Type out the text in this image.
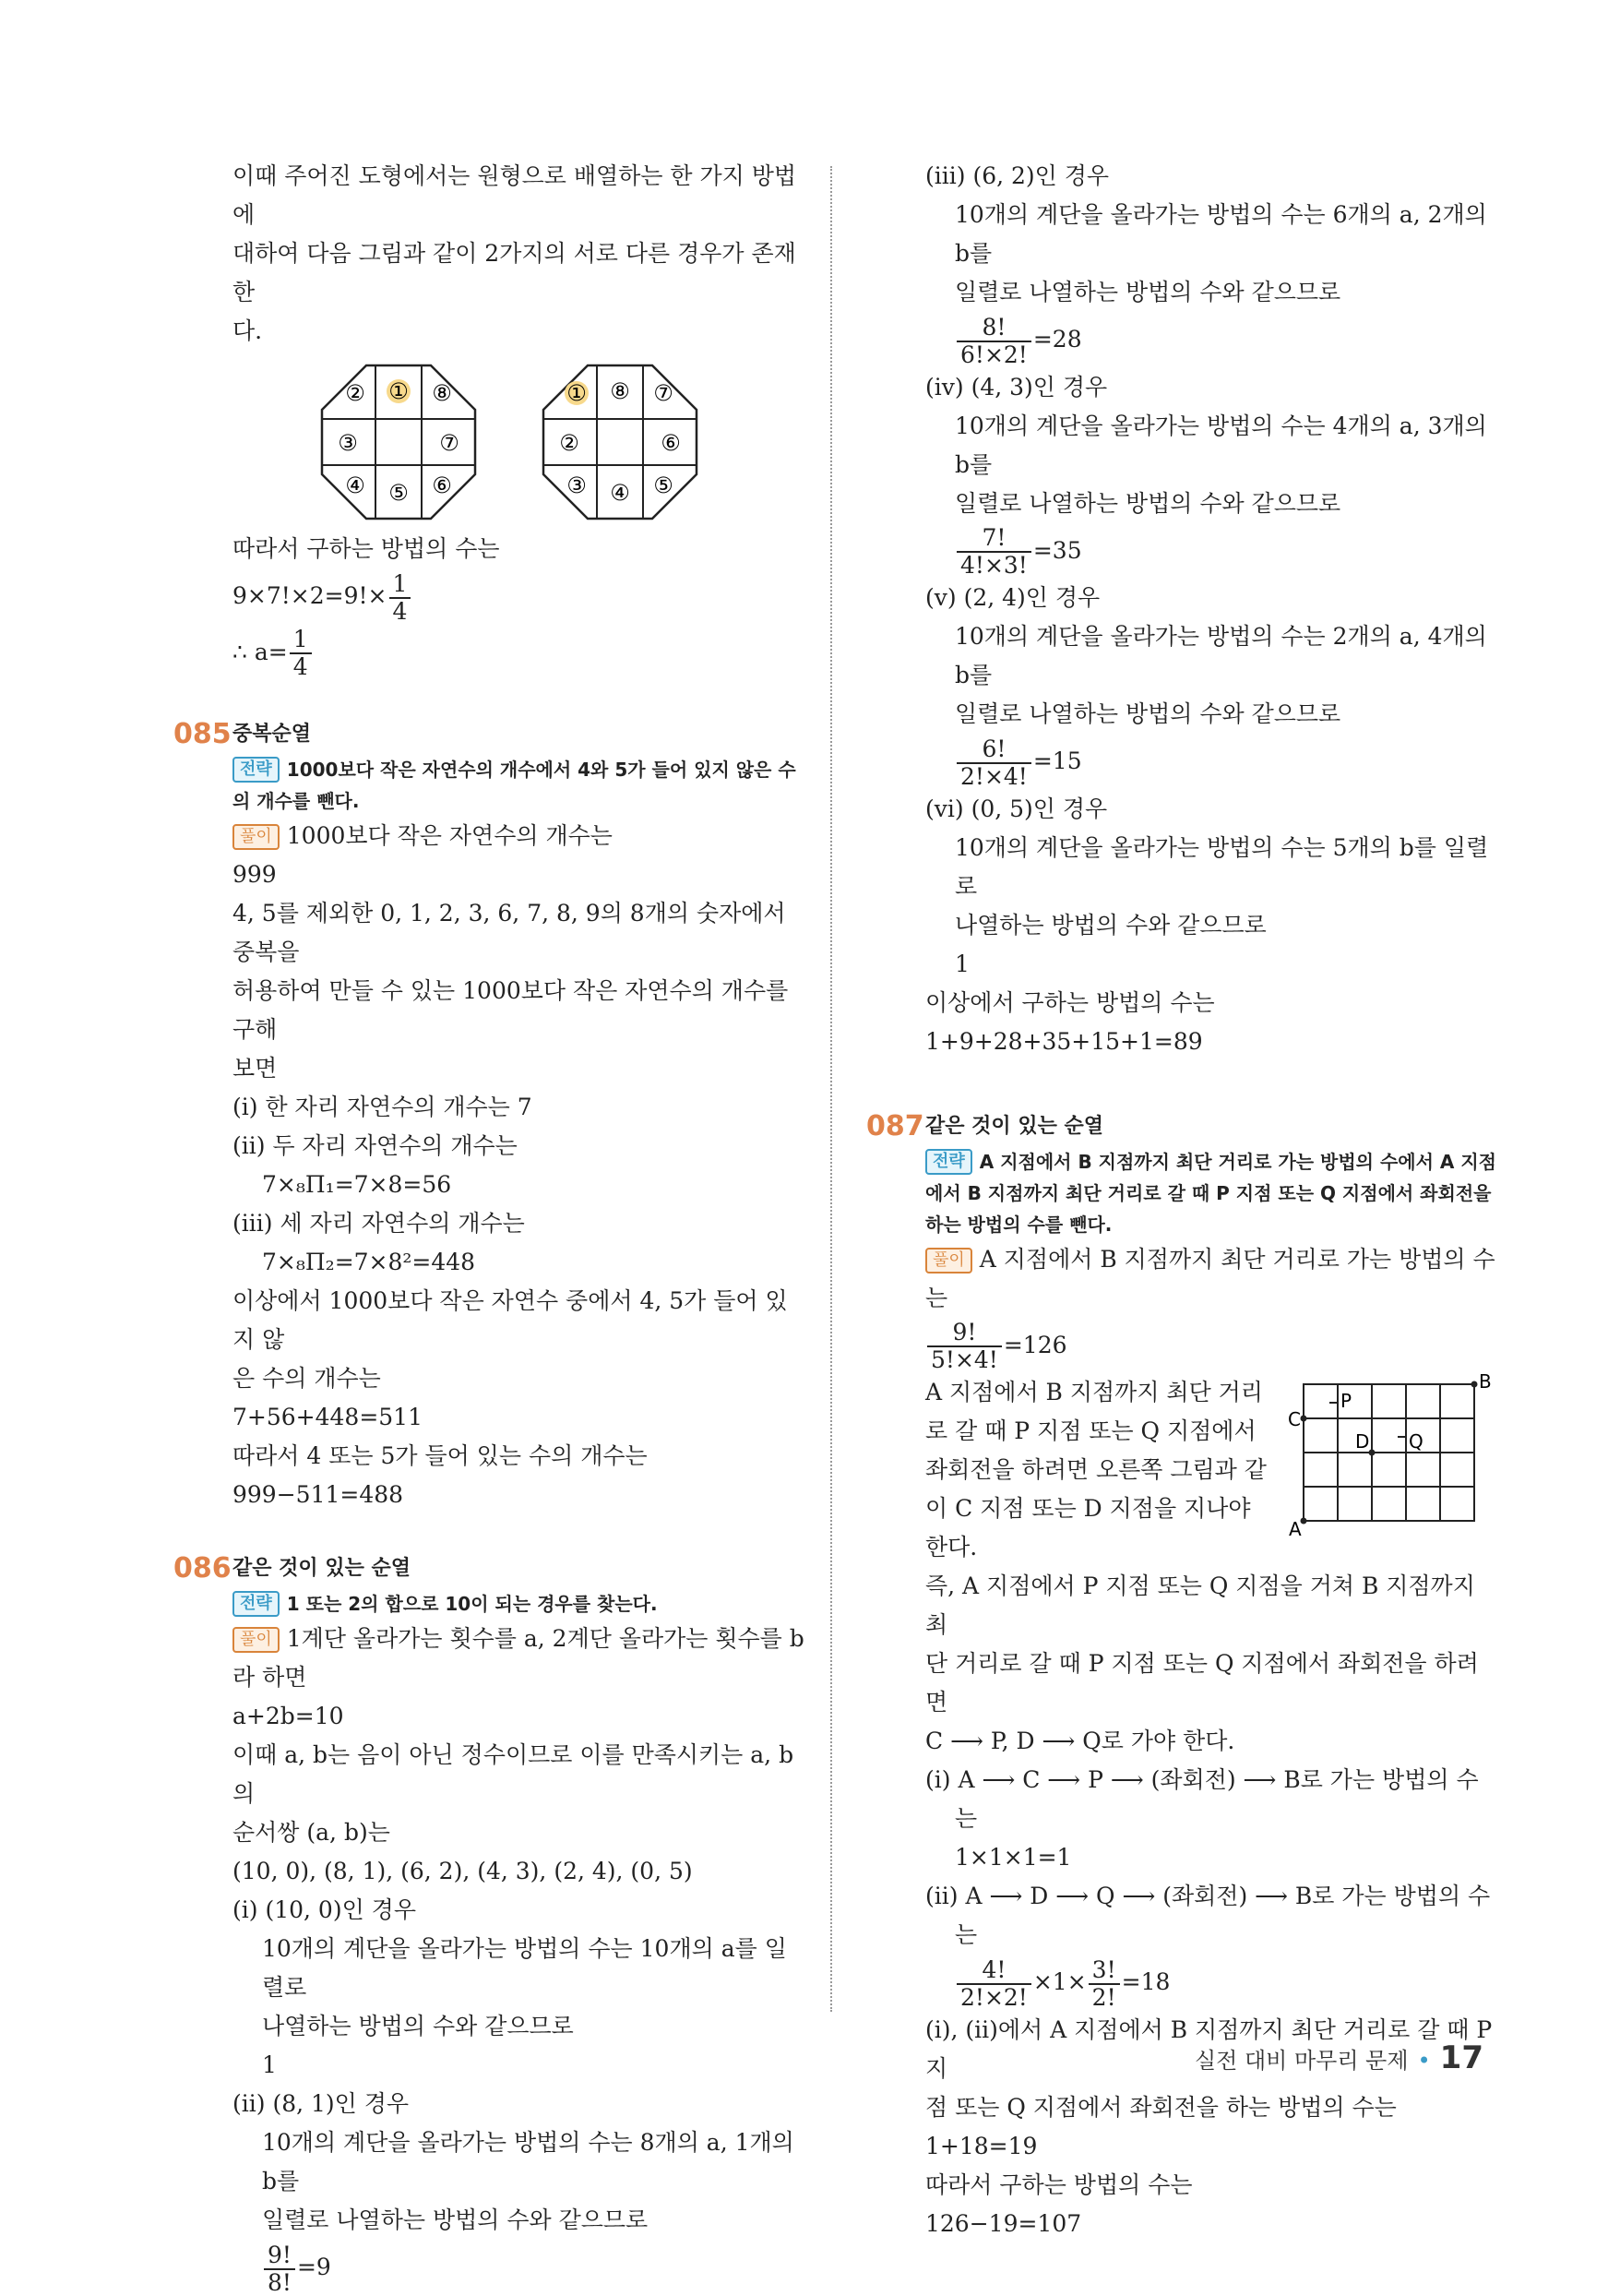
이때 주어진 도형에서는 원형으로 배열하는 한 가지 방법에

대하여 다음 그림과 같이 2가지의 서로 다른 경우가 존재한

다.

② ① ⑧
③	⑦
④ ⑤ ⑥
① ⑧ ⑦
②	⑥
③ ④ ⑤

따라서 구하는 방법의 수는

$9\times 7!\times 2=9!\times \frac{1}{4}$

∴ $a= \frac{1}{4}$

085 중복순열

전략 1000보다 작은 자연수의 개수에서 4와 5가 들어 있지 않은 수의 개수를 뺀다.

풀이 1000보다 작은 자연수의 개수는

999

4, 5를 제외한 0, 1, 2, 3, 6, 7, 8, 9의 8개의 숫자에서 중복을

허용하여 만들 수 있는 1000보다 작은 자연수의 개수를 구해

보면

(ⅰ) 한 자리 자연수의 개수는 7

(ⅱ) 두 자리 자연수의 개수는

7×₈Π₁=7×8=56

(ⅲ) 세 자리 자연수의 개수는

7×₈Π₂=7×8²=448

이상에서 1000보다 작은 자연수 중에서 4, 5가 들어 있지 않

은 수의 개수는

7+56+448=511

따라서 4 또는 5가 들어 있는 수의 개수는

999−511=488

086 같은 것이 있는 순열

전략 1 또는 2의 합으로 10이 되는 경우를 찾는다.

풀이 1계단 올라가는 횟수를 a, 2계단 올라가는 횟수를 b

라 하면

a+2b=10

이때 a, b는 음이 아닌 정수이므로 이를 만족시키는 a, b의

순서쌍 (a, b)는

(10, 0), (8, 1), (6, 2), (4, 3), (2, 4), (0, 5)

(ⅰ) (10, 0)인 경우

10개의 계단을 올라가는 방법의 수는 10개의 a를 일렬로

나열하는 방법의 수와 같으므로

1

(ⅱ) (8, 1)인 경우

10개의 계단을 올라가는 방법의 수는 8개의 a, 1개의 b를

일렬로 나열하는 방법의 수와 같으므로

$\frac{9!}{8!} =9$

(ⅲ) (6, 2)인 경우

10개의 계단을 올라가는 방법의 수는 6개의 a, 2개의 b를

일렬로 나열하는 방법의 수와 같으므로

$\frac{8!}{6!\times 2!} =28$

(ⅳ) (4, 3)인 경우

10개의 계단을 올라가는 방법의 수는 4개의 a, 3개의 b를

일렬로 나열하는 방법의 수와 같으므로

$\frac{7!}{4!\times 3!} =35$

(ⅴ) (2, 4)인 경우

10개의 계단을 올라가는 방법의 수는 2개의 a, 4개의 b를

일렬로 나열하는 방법의 수와 같으므로

$\frac{6!}{2!\times 4!} =15$

(ⅵ) (0, 5)인 경우

10개의 계단을 올라가는 방법의 수는 5개의 b를 일렬로

나열하는 방법의 수와 같으므로

1

이상에서 구하는 방법의 수는

1+9+28+35+15+1=89

087 같은 것이 있는 순열

전략 A 지점에서 B 지점까지 최단 거리로 가는 방법의 수에서 A 지점에서 B 지점까지 최단 거리로 갈 때 P 지점 또는 Q 지점에서 좌회전을 하는 방법의 수를 뺀다.

풀이 A 지점에서 B 지점까지 최단 거리로 가는 방법의 수

는

$\frac{9!}{5!\times 4!} =126$

A
B
C
D
P
Q

A 지점에서 B 지점까지 최단 거리

로 갈 때 P 지점 또는 Q 지점에서

좌회전을 하려면 오른쪽 그림과 같

이 C 지점 또는 D 지점을 지나야

한다.

즉, A 지점에서 P 지점 또는 Q 지점을 거쳐 B 지점까지 최

단 거리로 갈 때 P 지점 또는 Q 지점에서 좌회전을 하려면

C ⟶ P, D ⟶ Q로 가야 한다.

(ⅰ) A ⟶ C ⟶ P ⟶ (좌회전) ⟶ B로 가는 방법의 수

는

1×1×1=1

(ⅱ) A ⟶ D ⟶ Q ⟶ (좌회전) ⟶ B로 가는 방법의 수

는

$\frac{4!}{2!\times 2!} \times 1\times \frac{3!}{2!} =18$

(ⅰ), (ⅱ)에서 A 지점에서 B 지점까지 최단 거리로 갈 때 P 지

점 또는 Q 지점에서 좌회전을 하는 방법의 수는

1+18=19

따라서 구하는 방법의 수는

126−19=107

실전 대비 마무리 문제 • 17
